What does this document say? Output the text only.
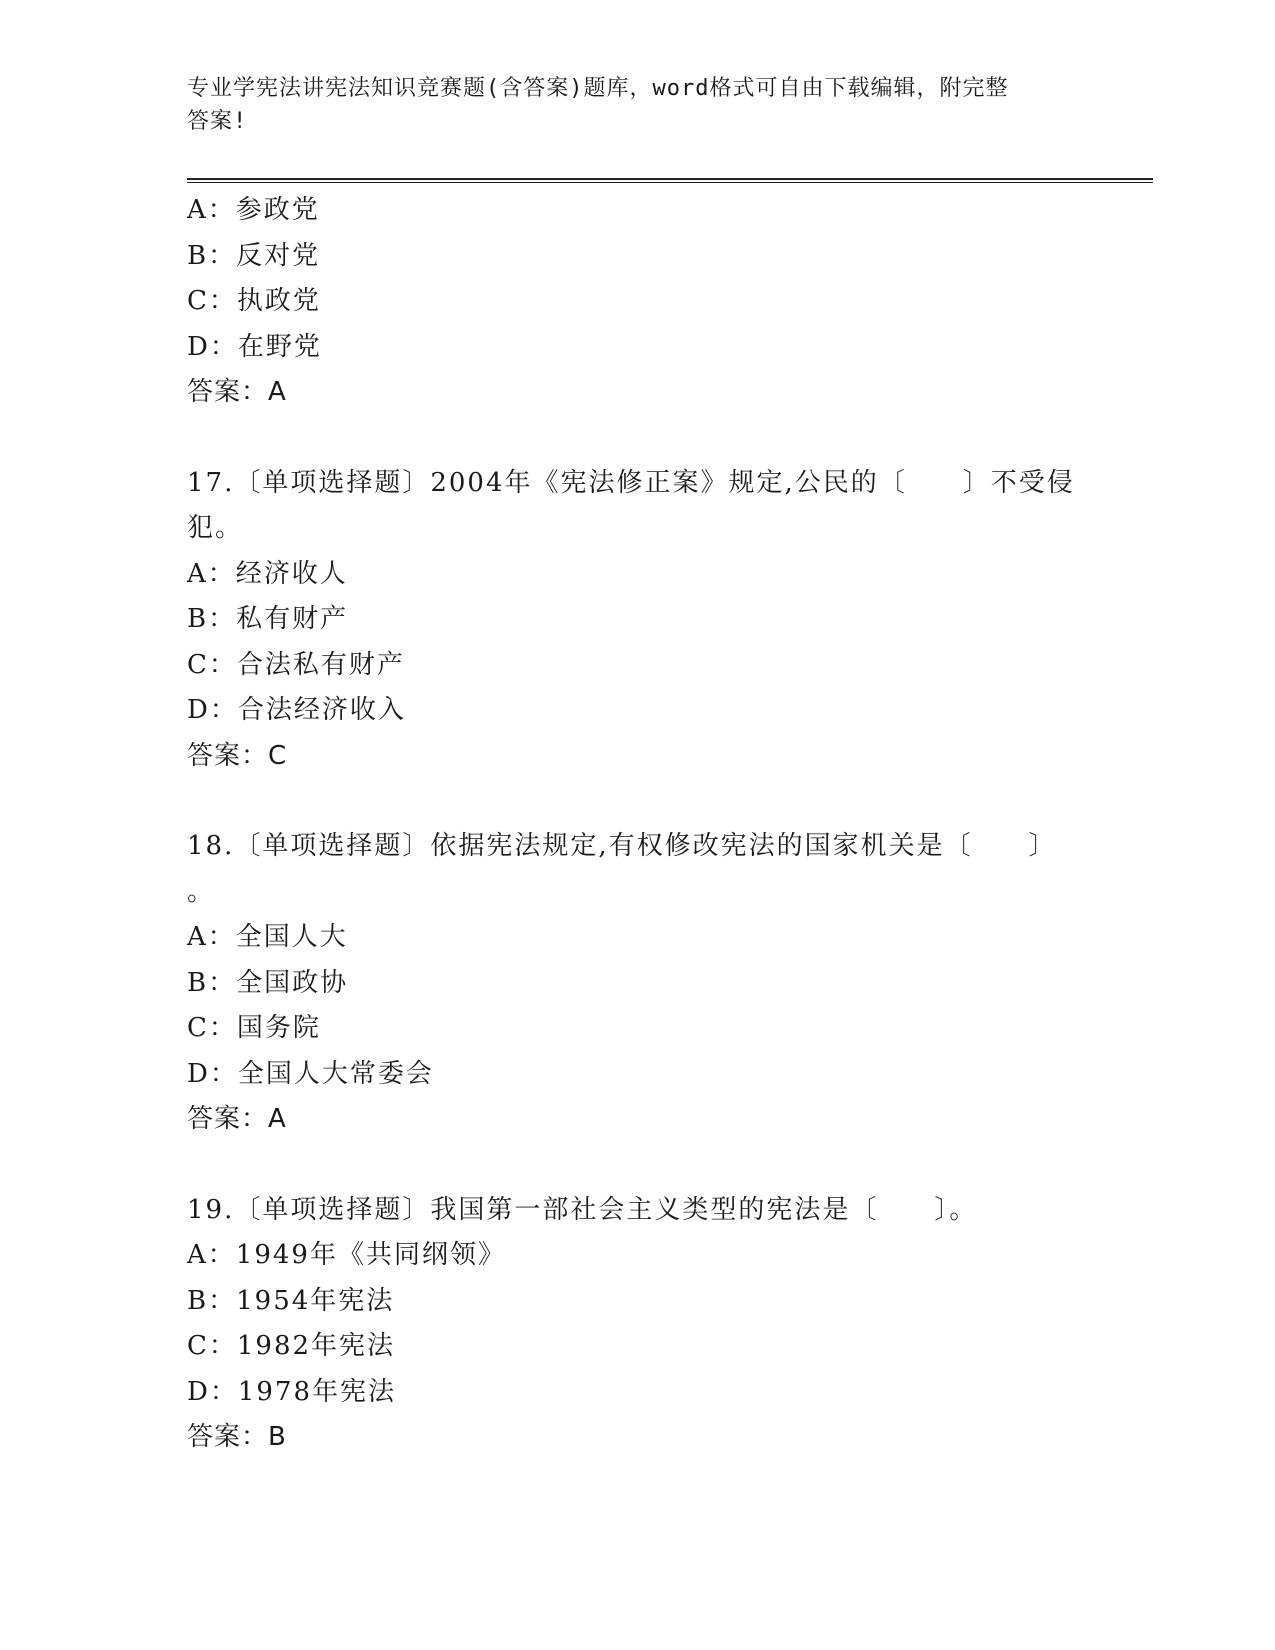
专业学宪法讲宪法知识竞赛题(含答案)题库，word格式可自由下载编辑，附完整
答案!
A：参政党
B：反对党
C：执政党
D：在野党
答案：A
17.〔单项选择题〕2004年《宪法修正案》规定,公民的〔　　〕不受侵
犯。
A：经济收人
B：私有财产
C：合法私有财产
D：合法经济收入
答案：C
18.〔单项选择题〕依据宪法规定,有权修改宪法的国家机关是〔　　〕
。
A：全国人大
B：全国政协
C：国务院
D：全国人大常委会
答案：A
19.〔单项选择题〕我国第一部社会主义类型的宪法是〔　　〕。
A：1949年《共同纲领》
B：1954年宪法
C：1982年宪法
D：1978年宪法
答案：B
